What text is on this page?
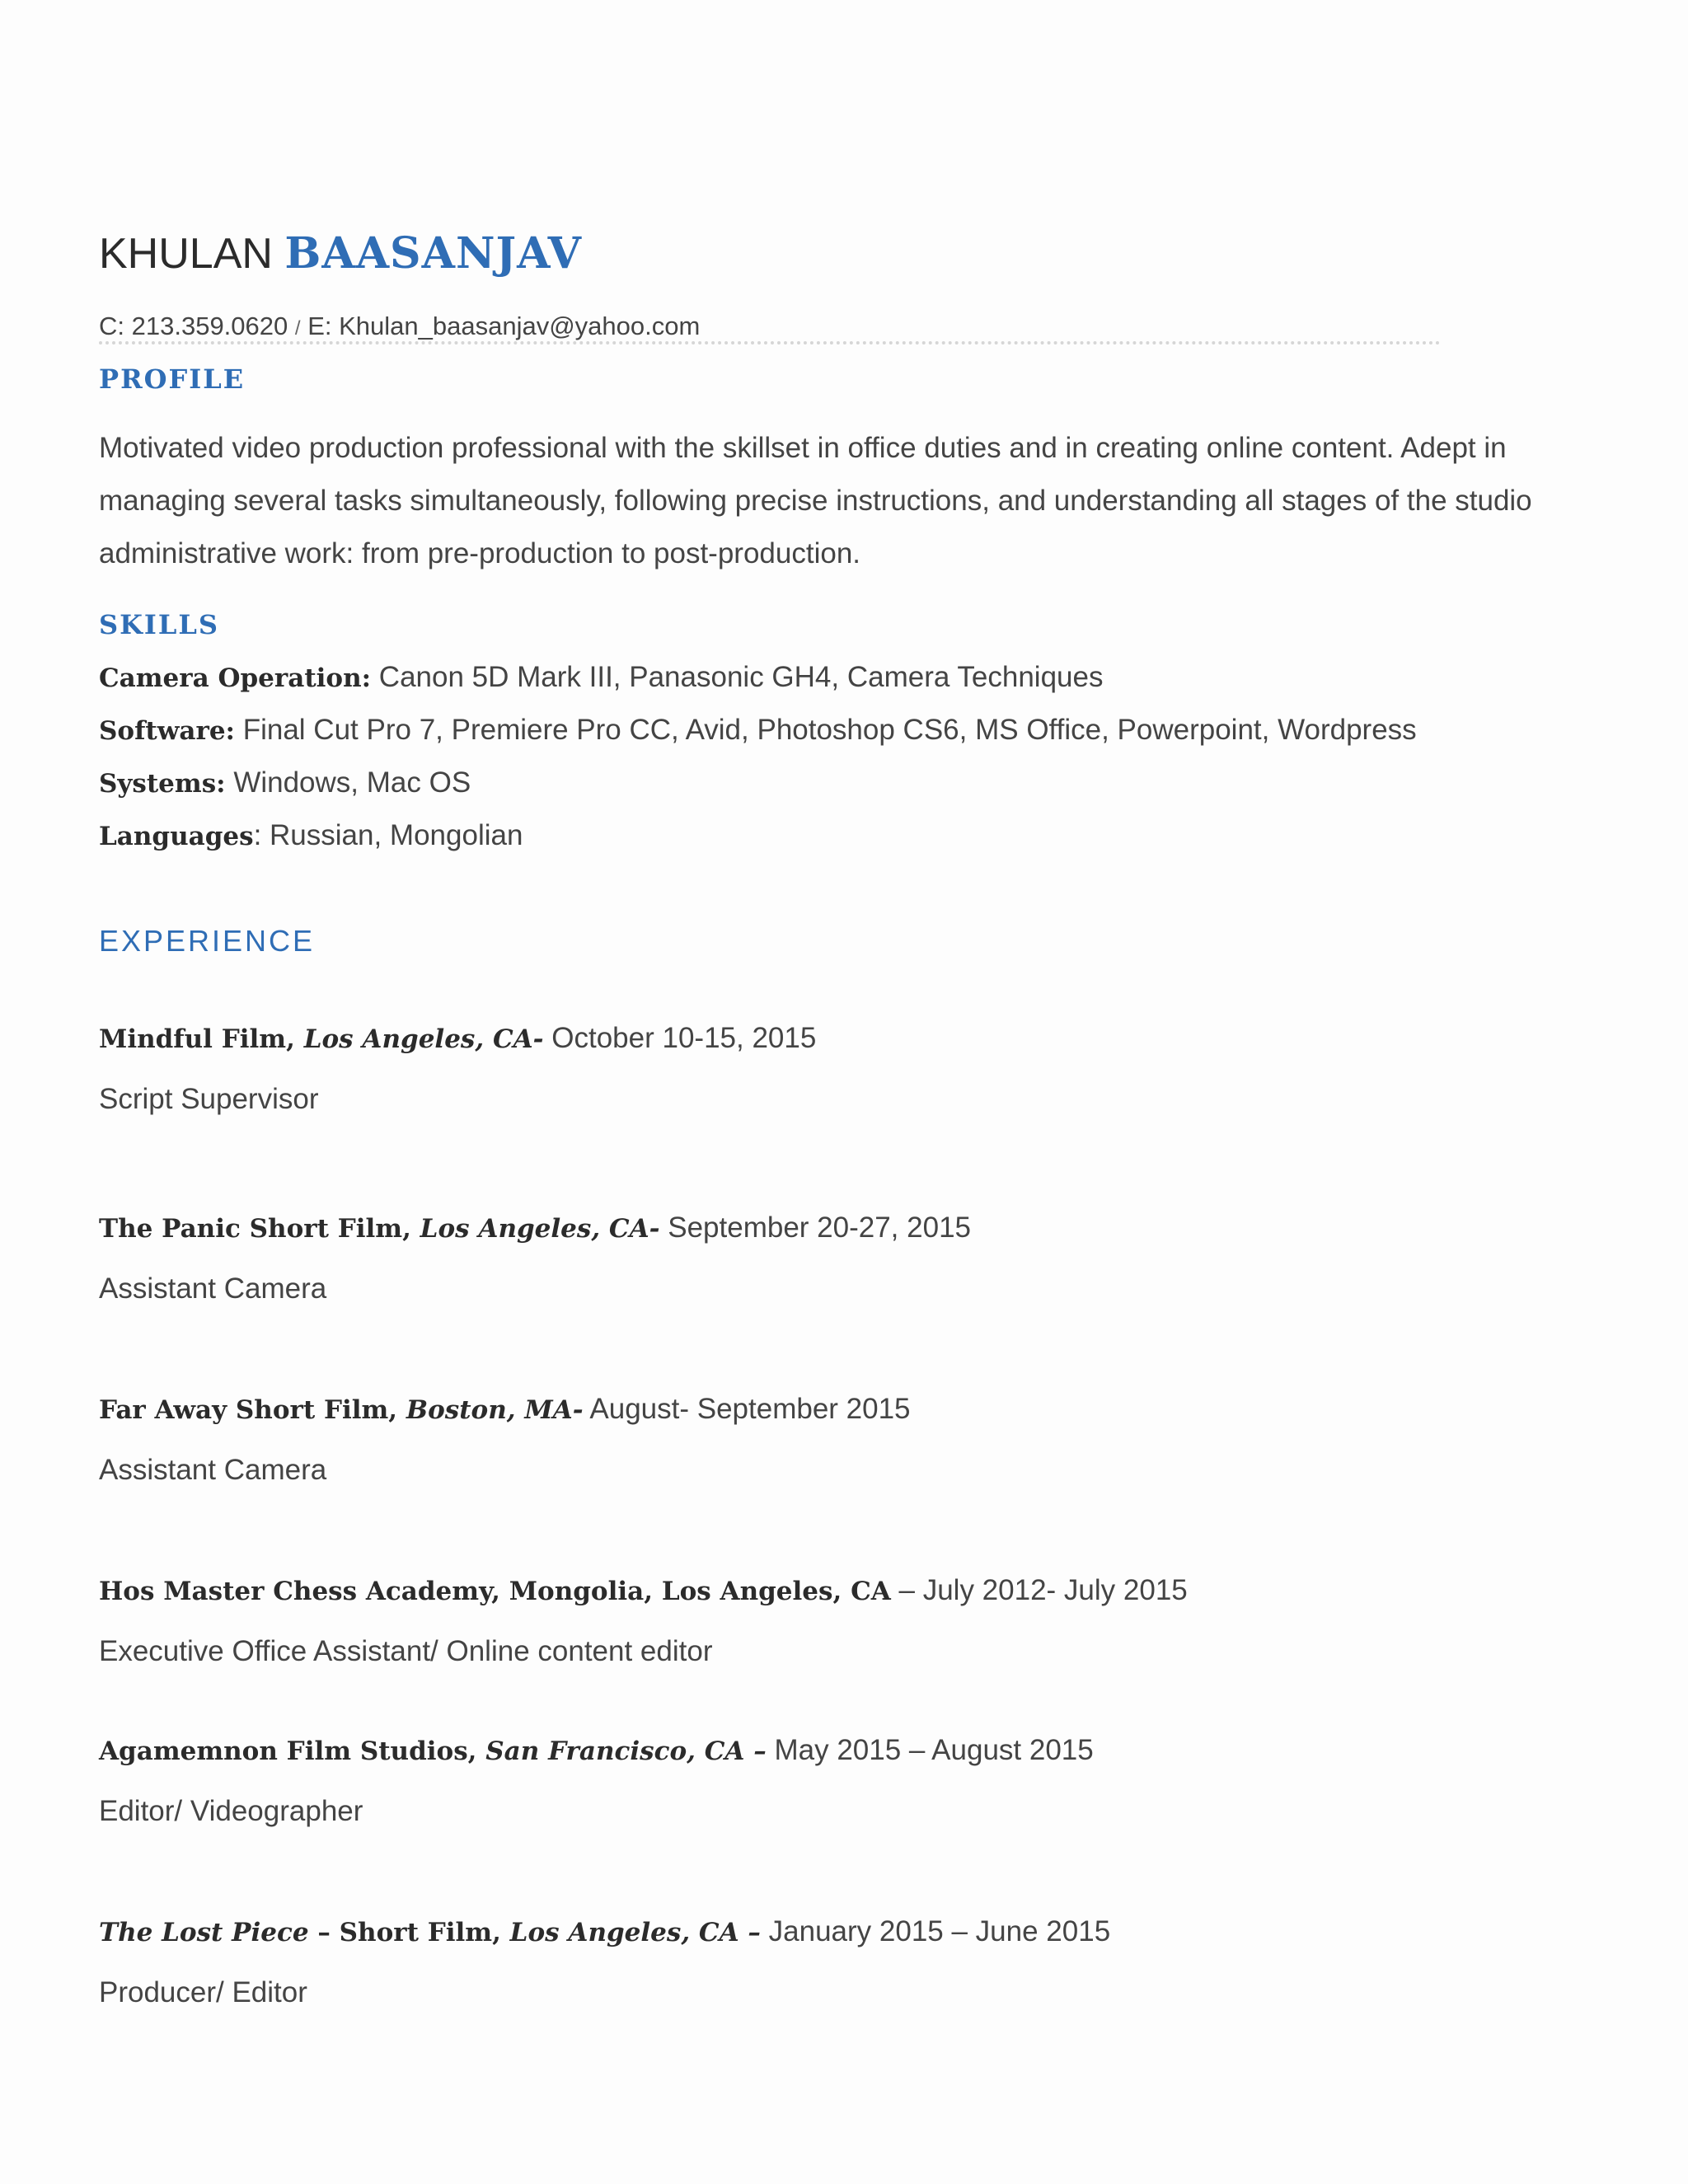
KHULAN BAASANJAV
C: 213.359.0620 / E: Khulan_baasanjav@yahoo.com
PROFILE
Motivated video production professional with the skillset in office duties and in creating online content. Adept in managing several tasks simultaneously, following precise instructions, and understanding all stages of the studio administrative work: from pre-production to post-production.
SKILLS
Camera Operation: Canon 5D Mark III, Panasonic GH4, Camera Techniques
Software: Final Cut Pro 7, Premiere Pro CC, Avid, Photoshop CS6, MS Office, Powerpoint, Wordpress
Systems: Windows, Mac OS
Languages: Russian, Mongolian
EXPERIENCE
Mindful Film, Los Angeles, CA- October 10-15, 2015
Script Supervisor
The Panic Short Film, Los Angeles, CA- September 20-27, 2015
Assistant Camera
Far Away Short Film, Boston, MA- August- September 2015
Assistant Camera
Hos Master Chess Academy, Mongolia, Los Angeles, CA – July 2012- July 2015
Executive Office Assistant/ Online content editor
Agamemnon Film Studios, San Francisco, CA – May 2015 – August 2015
Editor/ Videographer
The Lost Piece – Short Film, Los Angeles, CA – January 2015 – June 2015
Producer/ Editor
